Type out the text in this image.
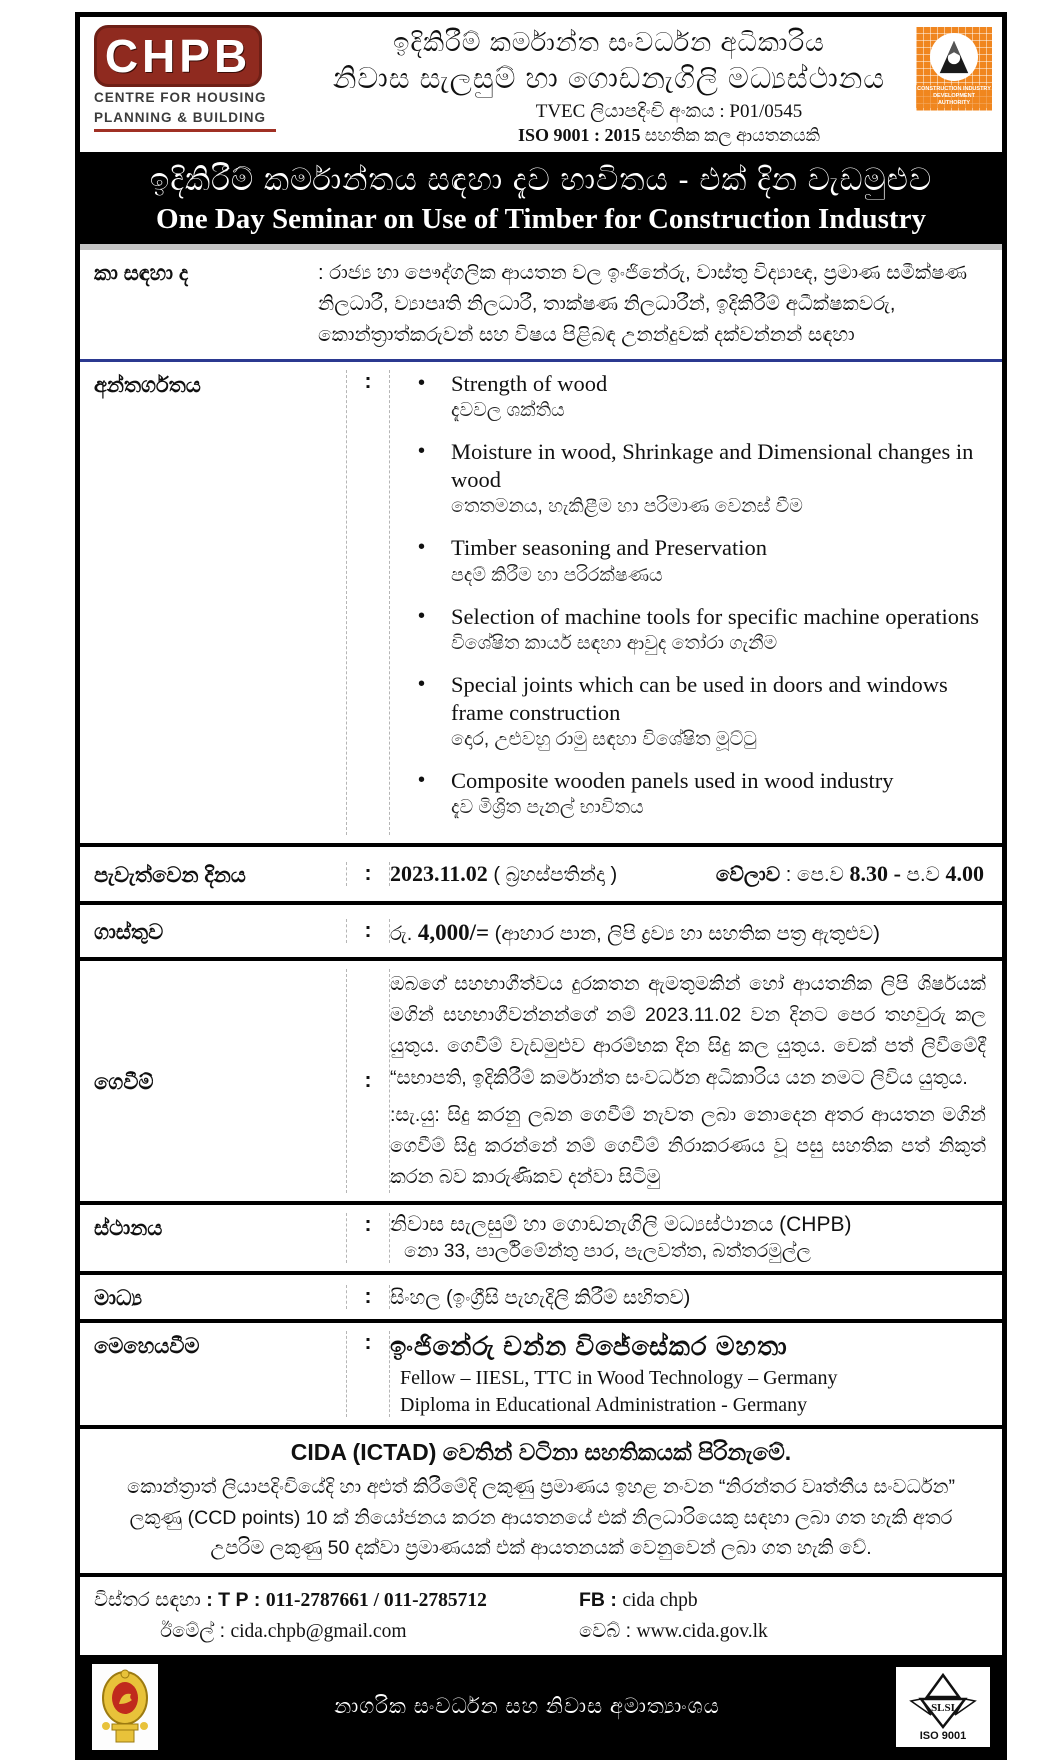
CHPB
CENTRE FOR HOUSING
PLANNING & BUILDING
ඉදිකිරීම් කර්මාන්ත සංවර්ධන අධිකාරිය
නිවාස සැලසුම් හා ගොඩනැගිලි මධ්‍යස්ථානය
TVEC ලියාපදිංචි අංකය : P01/0545
ISO 9001 : 2015 සහතික කල ආයතනයකි
CONSTRUCTION INDUSTRY
DEVELOPMENT AUTHORITY
ඉදිකිරීම් කර්මාන්තය සඳහා දැව භාවිතය - එක් දින වැඩමුළුව
One Day Seminar on Use of Timber for Construction Industry
කා සඳහා ද	: රාජ්‍ය හා පෞද්ගලික ආයතන වල ඉංජිනේරු, වාස්තු විද්‍යාඥ, ප්‍රමාණ සමීක්ෂණ නිලධාරී, ව්‍යාපෘති නිලධාරී, තාක්ෂණ නිලධාරීන්, ඉදිකිරීම් අධීක්ෂකවරු, කොන්ත්‍රාත්කරුවන් සහ විෂය පිළිබඳ උනන්දුවක් දක්වන්නන් සඳහා
අන්තර්ගතය	:	• Strength of wood
දැවවල ශක්තිය
• Moisture in wood, Shrinkage and Dimensional changes in wood
තෙතමනය, හැකිළීම හා පරිමාණ වෙනස් වීම
• Timber seasoning and Preservation
පදම් කිරීම හා පරිරක්ෂණය
• Selection of machine tools for specific machine operations
විශේෂිත කාර්ය සඳහා ආවුද තෝරා ගැනීම
• Special joints which can be used in doors and windows frame construction
දොර, උළුවහු රාමු සඳහා විශේෂිත මූට්ටු
• Composite wooden panels used in wood industry
දැව මිශ්‍රිත පැනල් භාවිතය
පැවැත්වෙන දිනය	: 2023.11.02 ( බ්‍රහස්පතින්දා )	වේලාව : පෙ.ව 8.30 - ප.ව 4.00
ගාස්තුව	: රු. 4,000/= (ආහාර පාන, ලිපි ද්‍රව්‍ය හා සහතික පත්‍ර ඇතුළුව)
ගෙවීම්	:

ඔබගේ සහභාගීත්වය දුරකතන ඇමතුමකින් හෝ ආයතනික ලිපි ශිර්ෂයක් මගින් සහභාගීවන්නන්ගේ නම් 2023.11.02 වන දිනට පෙර තහවුරු කල යුතුය. ගෙවීම් වැඩමුළුව ආරම්භක දින සිදු කල යුතුය. චෙක් පත් ලිවීමේදී “සභාපති, ඉදිකිරීම් කර්මාන්ත සංවර්ධන අධිකාරිය යන නමට ලිවිය යුතුය.

:සැ.යු: සිදු කරනු ලබන ගෙවීම් නැවත ලබා නොදෙන අතර ආයතන මගින් ගෙවීම් සිදු කරන්නේ නම් ගෙවීම් නිරාකරණය වූ පසු සහතික පත් නිකුත් කරන බව කාරුණිකව දන්වා සිටිමු

ස්ථානය	: නිවාස සැලසුම් හා ගොඩනැගිලි මධ්‍යස්ථානය (CHPB)
නො 33, පාර්ලිමේන්තු පාර, පැලවත්ත, බත්තරමුල්ල
මාධ්‍ය	: සිංහල (ඉංග්‍රීසි පැහැදිලි කිරීම් සහිතව)
මෙහෙයවීම	: ඉංජිනේරු චන්න විජේසේකර මහතා
Fellow – IIESL, TTC in Wood Technology – Germany
Diploma in Educational Administration - Germany
CIDA (ICTAD) වෙතින් වටිනා සහතිකයක් පිරිනැමේ.
කොන්ත්‍රාත් ලියාපදිංචියේදි හා අළුත් කිරීමේදි ලකුණු ප්‍රමාණය ඉහළ නංවන “නිරන්තර වෘත්තීය සංවර්ධන” ලකුණු (CCD points) 10 ක් නියෝජනය කරන ආයතනයේ එක් නිලධාරියෙකු සඳහා ලබා ගත හැකි අතර උපරිම ලකුණු 50 දක්වා ප්‍රමාණයක් එක් ආයතනයක් වෙනුවෙන් ලබා ගත හැකි වේ.
විස්තර සඳහා : T P : 011-2787661 / 011-2785712
ඊමේල් : cida.chpb@gmail.com
FB : cida chpb
වෙබ් : www.cida.gov.lk
නාගරික සංවර්ධන සහ නිවාස අමාත්‍යාංශය	SLSI
ISO 9001
